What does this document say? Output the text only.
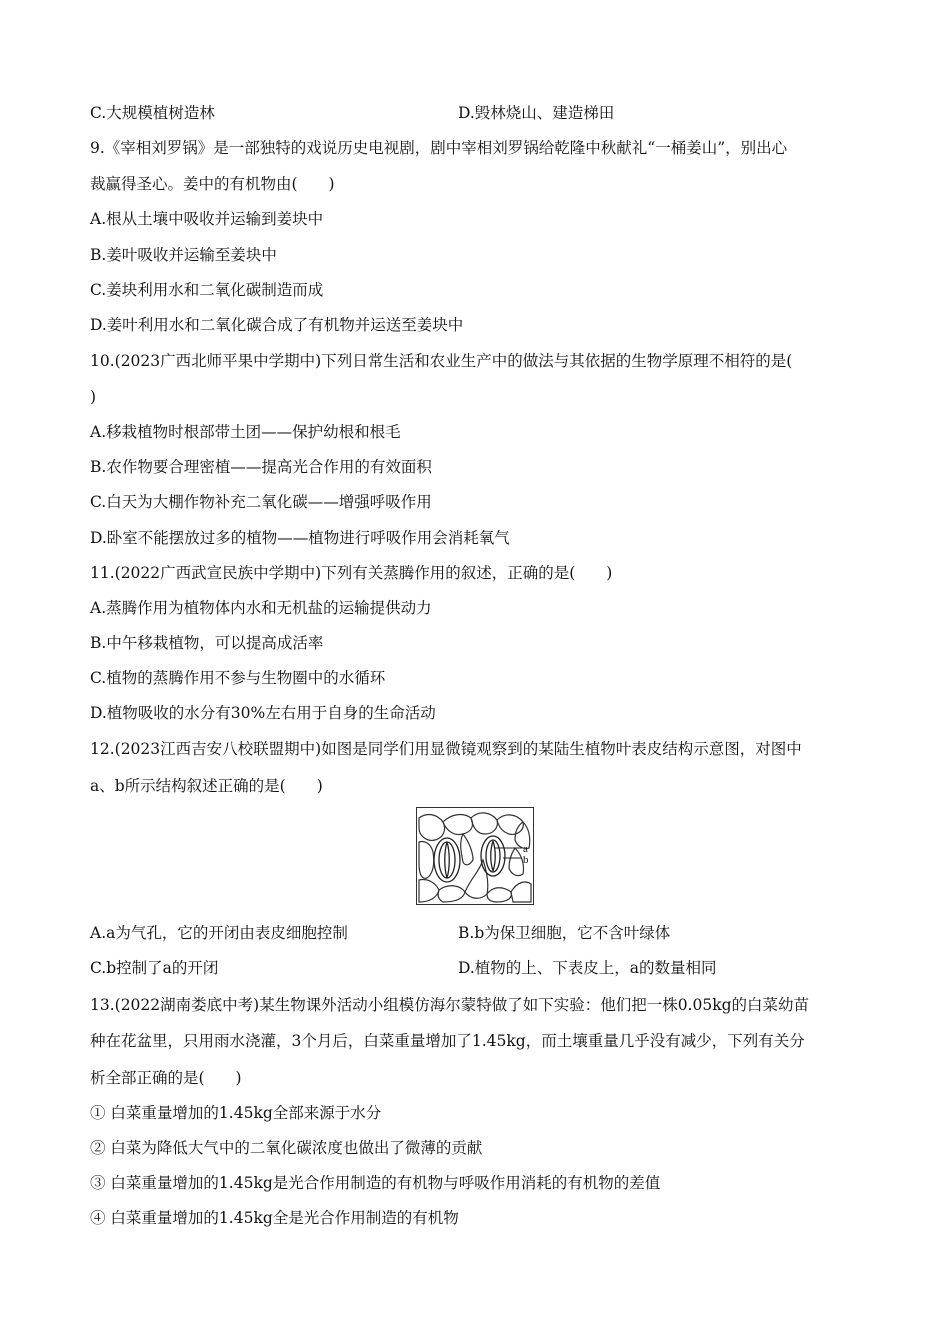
C.大规模植树造林	D.毁林烧山、建造梯田
9.《宰相刘罗锅》是一部独特的戏说历史电视剧，剧中宰相刘罗锅给乾隆中秋献礼“一桶姜山”，别出心
裁赢得圣心。姜中的有机物由(　　)
A.根从土壤中吸收并运输到姜块中
B.姜叶吸收并运输至姜块中
C.姜块利用水和二氧化碳制造而成
D.姜叶利用水和二氧化碳合成了有机物并运送至姜块中
10.(2023广西北师平果中学期中)下列日常生活和农业生产中的做法与其依据的生物学原理不相符的是(
)
A.移栽植物时根部带土团——保护幼根和根毛
B.农作物要合理密植——提高光合作用的有效面积
C.白天为大棚作物补充二氧化碳——增强呼吸作用
D.卧室不能摆放过多的植物——植物进行呼吸作用会消耗氧气
11.(2022广西武宣民族中学期中)下列有关蒸腾作用的叙述，正确的是(　　)
A.蒸腾作用为植物体内水和无机盐的运输提供动力
B.中午移栽植物，可以提高成活率
C.植物的蒸腾作用不参与生物圈中的水循环
D.植物吸收的水分有30%左右用于自身的生命活动
12.(2023江西吉安八校联盟期中)如图是同学们用显微镜观察到的某陆生植物叶表皮结构示意图，对图中
a、b所示结构叙述正确的是(　　)
a
b
A.a为气孔，它的开闭由表皮细胞控制	B.b为保卫细胞，它不含叶绿体
C.b控制了a的开闭	D.植物的上、下表皮上，a的数量相同
13.(2022湖南娄底中考)某生物课外活动小组模仿海尔蒙特做了如下实验：他们把一株0.05kg的白菜幼苗
种在花盆里，只用雨水浇灌，3个月后，白菜重量增加了1.45kg，而土壤重量几乎没有减少，下列有关分
析全部正确的是(　　)
① 白菜重量增加的1.45kg全部来源于水分
② 白菜为降低大气中的二氧化碳浓度也做出了微薄的贡献
③ 白菜重量增加的1.45kg是光合作用制造的有机物与呼吸作用消耗的有机物的差值
④ 白菜重量增加的1.45kg全是光合作用制造的有机物
